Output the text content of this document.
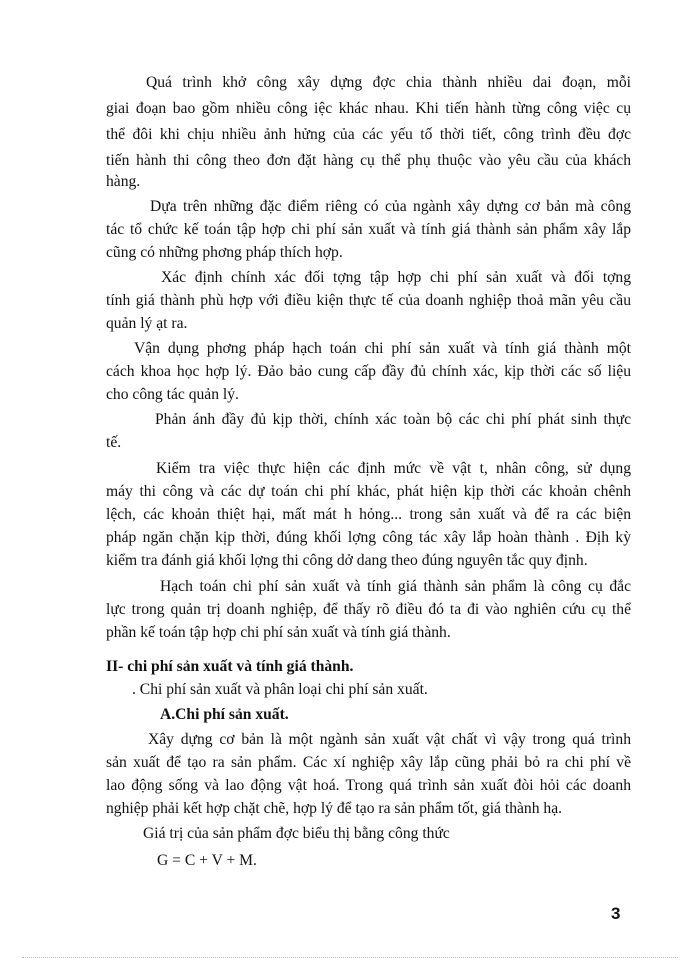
Quá trình khở công xây dựng đợc chia thành nhiều dai đoạn, mỗi
giai đoạn bao gồm nhiều công iệc khác nhau. Khi tiến hành từng công việc cụ
thể đôi khi chịu nhiều ảnh hửng của các yếu tố thời tiết, công trình đều đợc
tiến hành thi công theo đơn đặt hàng cụ thể phụ thuộc vào yêu cầu của khách
hàng.
Dựa trên những đặc điểm riêng có của ngành xây dựng cơ bản mà công
tác tổ chức kế toán tập hợp chi phí sản xuất và tính giá thành sản phẩm xây lắp
cũng có những phơng pháp thích hợp.
Xác định chính xác đối tợng tập hợp chi phí sản xuất và đối tợng
tính giá thành phù hợp với điều kiện thực tế của doanh nghiệp thoả mãn yêu cầu
quản lý ạt ra.
Vận dụng phơng pháp hạch toán chi phí sản xuất và tính giá thành một
cách khoa học hợp lý. Đảo bảo cung cấp đầy đủ chính xác, kịp thời các số liệu
cho công tác quản lý.
Phản ánh đầy đủ kịp thời, chính xác toàn bộ các chi phí phát sinh thực
tế.
Kiểm tra việc thực hiện các định mức về vật t, nhân công, sử dụng
máy thi công và các dự toán chi phí khác, phát hiện kịp thời các khoản chênh
lệch, các khoản thiệt hại, mất mát h hỏng... trong sản xuất và để ra các biện
pháp ngăn chặn kịp thời, đúng khối lợng công tác xây lắp hoàn thành . Địh kỳ
kiểm tra đánh giá khối lợng thi công dở dang theo đúng nguyên tắc quy định.
Hạch toán chi phí sản xuất và tính giá thành sản phẩm là công cụ đắc
lực trong quản trị doanh nghiệp, để thấy rõ điều đó ta đi vào nghiên cứu cụ thể
phần kế toán tập hợp chi phí sản xuất và tính giá thành.
II- chi phí sản xuất và tính giá thành.
. Chi phí sản xuất và phân loại chi phí sản xuất.
A.Chi phí sản xuất.
Xây dựng cơ bản là một ngành sản xuất vật chất vì vậy trong quá trình
sản xuất để tạo ra sản phẩm. Các xí nghiệp xây lắp cũng phải bỏ ra chi phí về
lao động sống và lao động vật hoá. Trong quá trình sản xuất đòi hỏi các doanh
nghiệp phải kết hợp chặt chẽ, hợp lý để tạo ra sản phẩm tốt, giá thành hạ.
Giá trị của sản phẩm đợc biểu thị bằng công thức
G = C + V + M.
3
